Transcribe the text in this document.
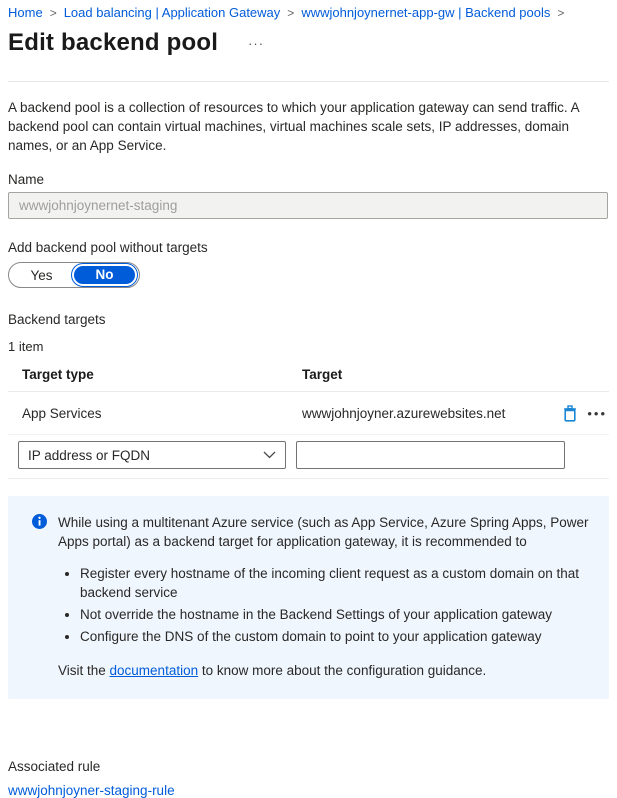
Home > Load balancing | Application Gateway > wwwjohnjoynernet-app-gw | Backend pools >
Edit backend pool	···

A backend pool is a collection of resources to which your application gateway can send traffic. A backend pool can contain virtual machines, virtual machines scale sets, IP addresses, domain names, or an App Service.

Name
wwwjohnjoynernet-staging
Add backend pool without targets
Yes	No
Backend targets
1 item
Target type	Target
App Services	wwwjohnjoyner.azurewebsites.net	•••
IP address or FQDN
While using a multitenant Azure service (such as App Service, Azure Spring Apps, Power Apps portal) as a backend target for application gateway, it is recommended to
• Register every hostname of the incoming client request as a custom domain on that backend service
• Not override the hostname in the Backend Settings of your application gateway
• Configure the DNS of the custom domain to point to your application gateway
Visit the documentation to know more about the configuration guidance.
Associated rule
wwwjohnjoyner-staging-rule
